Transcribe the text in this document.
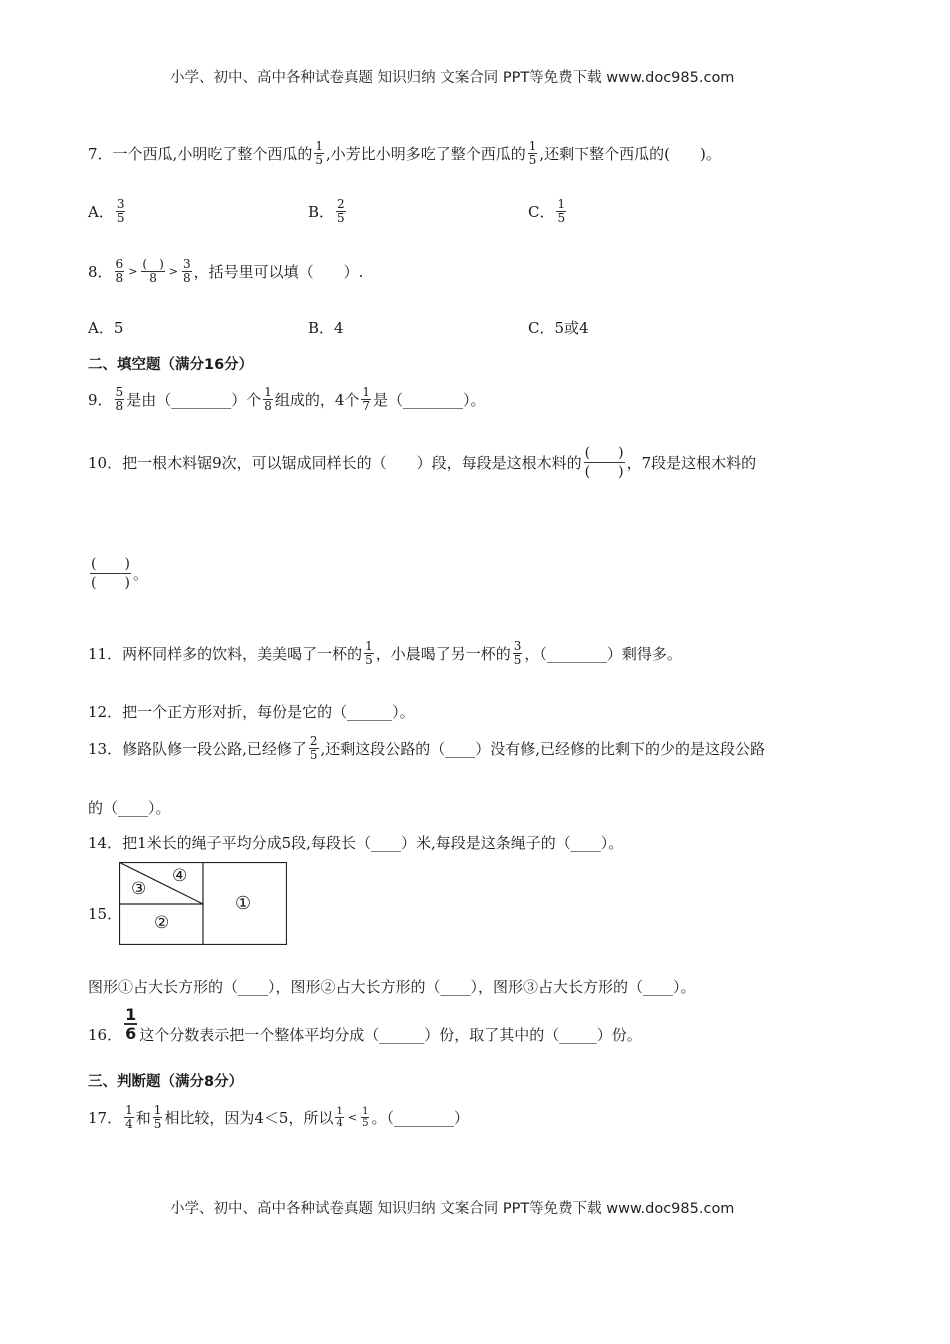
小学、初中、高中各种试卷真题 知识归纳 文案合同 PPT等免费下载 www.doc985.com
7． 一个西瓜,小明吃了整个西瓜的 $\frac{1}{5}$ ,小芳比小明多吃了整个西瓜的 $\frac{1}{5}$ ,还剩下整个西瓜的(　　)。
A． $\frac{3}{5}$	B． $\frac{2}{5}$	C． $\frac{1}{5}$
8． $\frac{6}{8} > \frac{( )}{8} > \frac{3}{8}$ ，括号里可以填（　　）.
A．5	B．4	C．5或4
二、填空题（满分16分）
9． $\frac{5}{8}$ 是由（________）个 $\frac{1}{8}$ 组成的，4个 $\frac{1}{7}$ 是（________）。
10． 把一根木料锯9次，可以锯成同样长的（　　）段，每段是这根木料的 $\frac{( )}{( )}$ ，7段是这根木料的
$\frac{( )}{( )}$ 。
11． 两杯同样多的饮料，美美喝了一杯的 $\frac{1}{5}$ ，小晨喝了另一杯的 $\frac{3}{5}$ ，（________）剩得多。
12．把一个正方形对折，每份是它的（______）。
13． 修路队修一段公路,已经修了 $\frac{2}{5}$ ,还剩这段公路的（____）没有修,已经修的比剩下的少的是这段公路
的（____）。
14．把1米长的绳子平均分成5段,每段长（____）米,每段是这条绳子的（____）。
15．
③
④
②
①
图形①占大长方形的（____），图形②占大长方形的（____），图形③占大长方形的（____）。
16． $\frac{1}{6}$ 这个分数表示把一个整体平均分成（______）份，取了其中的（_____）份。
三、判断题（满分8分）
17． $\frac{1}{4}$ 和 $\frac{1}{5}$ 相比较，因为4＜5，所以 $\frac{1}{4} < \frac{1}{5}$ 。（________）
小学、初中、高中各种试卷真题 知识归纳 文案合同 PPT等免费下载 www.doc985.com
